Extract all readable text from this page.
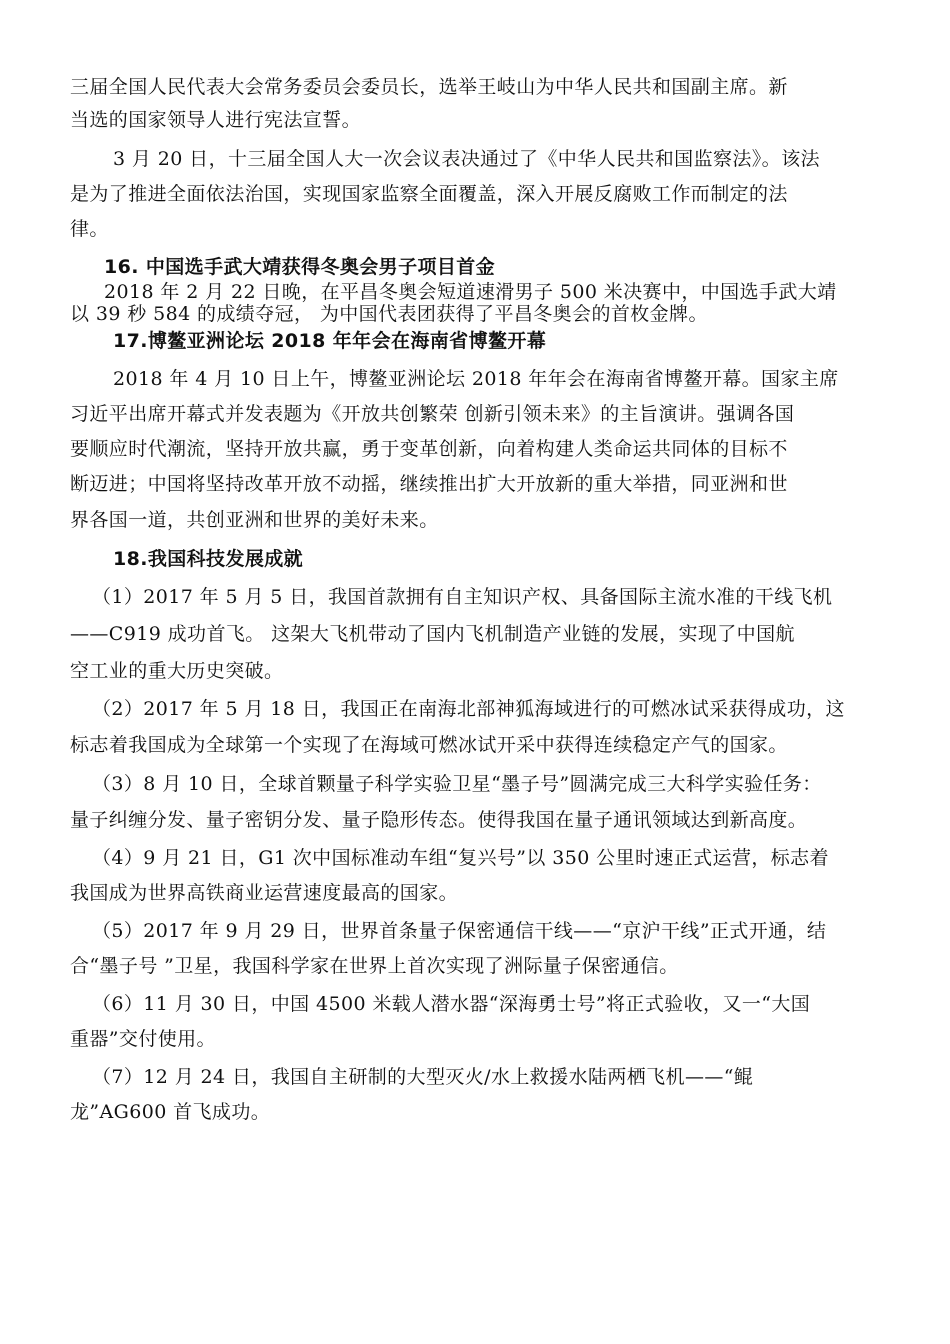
三届全国人民代表大会常务委员会委员长，选举王岐山为中华人民共和国副主席。新
当选的国家领导人进行宪法宣誓。
3 月 20 日，十三届全国人大一次会议表决通过了《中华人民共和国监察法》。该法
是为了推进全面依法治国，实现国家监察全面覆盖，深入开展反腐败工作而制定的法
律。
16. 中国选手武大靖获得冬奥会男子项目首金
2018 年 2 月 22 日晚，在平昌冬奥会短道速滑男子 500 米决赛中，中国选手武大靖
以 39 秒 584 的成绩夺冠， 为中国代表团获得了平昌冬奥会的首枚金牌。
17.博鳌亚洲论坛 2018 年年会在海南省博鳌开幕
2018 年 4 月 10 日上午，博鳌亚洲论坛 2018 年年会在海南省博鳌开幕。国家主席
习近平出席开幕式并发表题为《开放共创繁荣 创新引领未来》的主旨演讲。强调各国
要顺应时代潮流，坚持开放共赢，勇于变革创新，向着构建人类命运共同体的目标不
断迈进；中国将坚持改革开放不动摇，继续推出扩大开放新的重大举措，同亚洲和世
界各国一道，共创亚洲和世界的美好未来。
18.我国科技发展成就
（1）2017 年 5 月 5 日，我国首款拥有自主知识产权、具备国际主流水准的干线飞机
——C919 成功首飞。 这架大飞机带动了国内飞机制造产业链的发展，实现了中国航
空工业的重大历史突破。
（2）2017 年 5 月 18 日，我国正在南海北部神狐海域进行的可燃冰试采获得成功，这
标志着我国成为全球第一个实现了在海域可燃冰试开采中获得连续稳定产气的国家。
（3）8 月 10 日，全球首颗量子科学实验卫星“墨子号”圆满完成三大科学实验任务：
量子纠缠分发、量子密钥分发、量子隐形传态。使得我国在量子通讯领域达到新高度。
（4）9 月 21 日，G1 次中国标准动车组“复兴号”以 350 公里时速正式运营，标志着
我国成为世界高铁商业运营速度最高的国家。
（5）2017 年 9 月 29 日，世界首条量子保密通信干线——“京沪干线”正式开通，结
合“墨子号 ”卫星，我国科学家在世界上首次实现了洲际量子保密通信。
（6）11 月 30 日，中国 4500 米载人潜水器“深海勇士号”将正式验收，又一“大国
重器”交付使用。
（7）12 月 24 日，我国自主研制的大型灭火/水上救援水陆两栖飞机——“鲲
龙”AG600 首飞成功。
